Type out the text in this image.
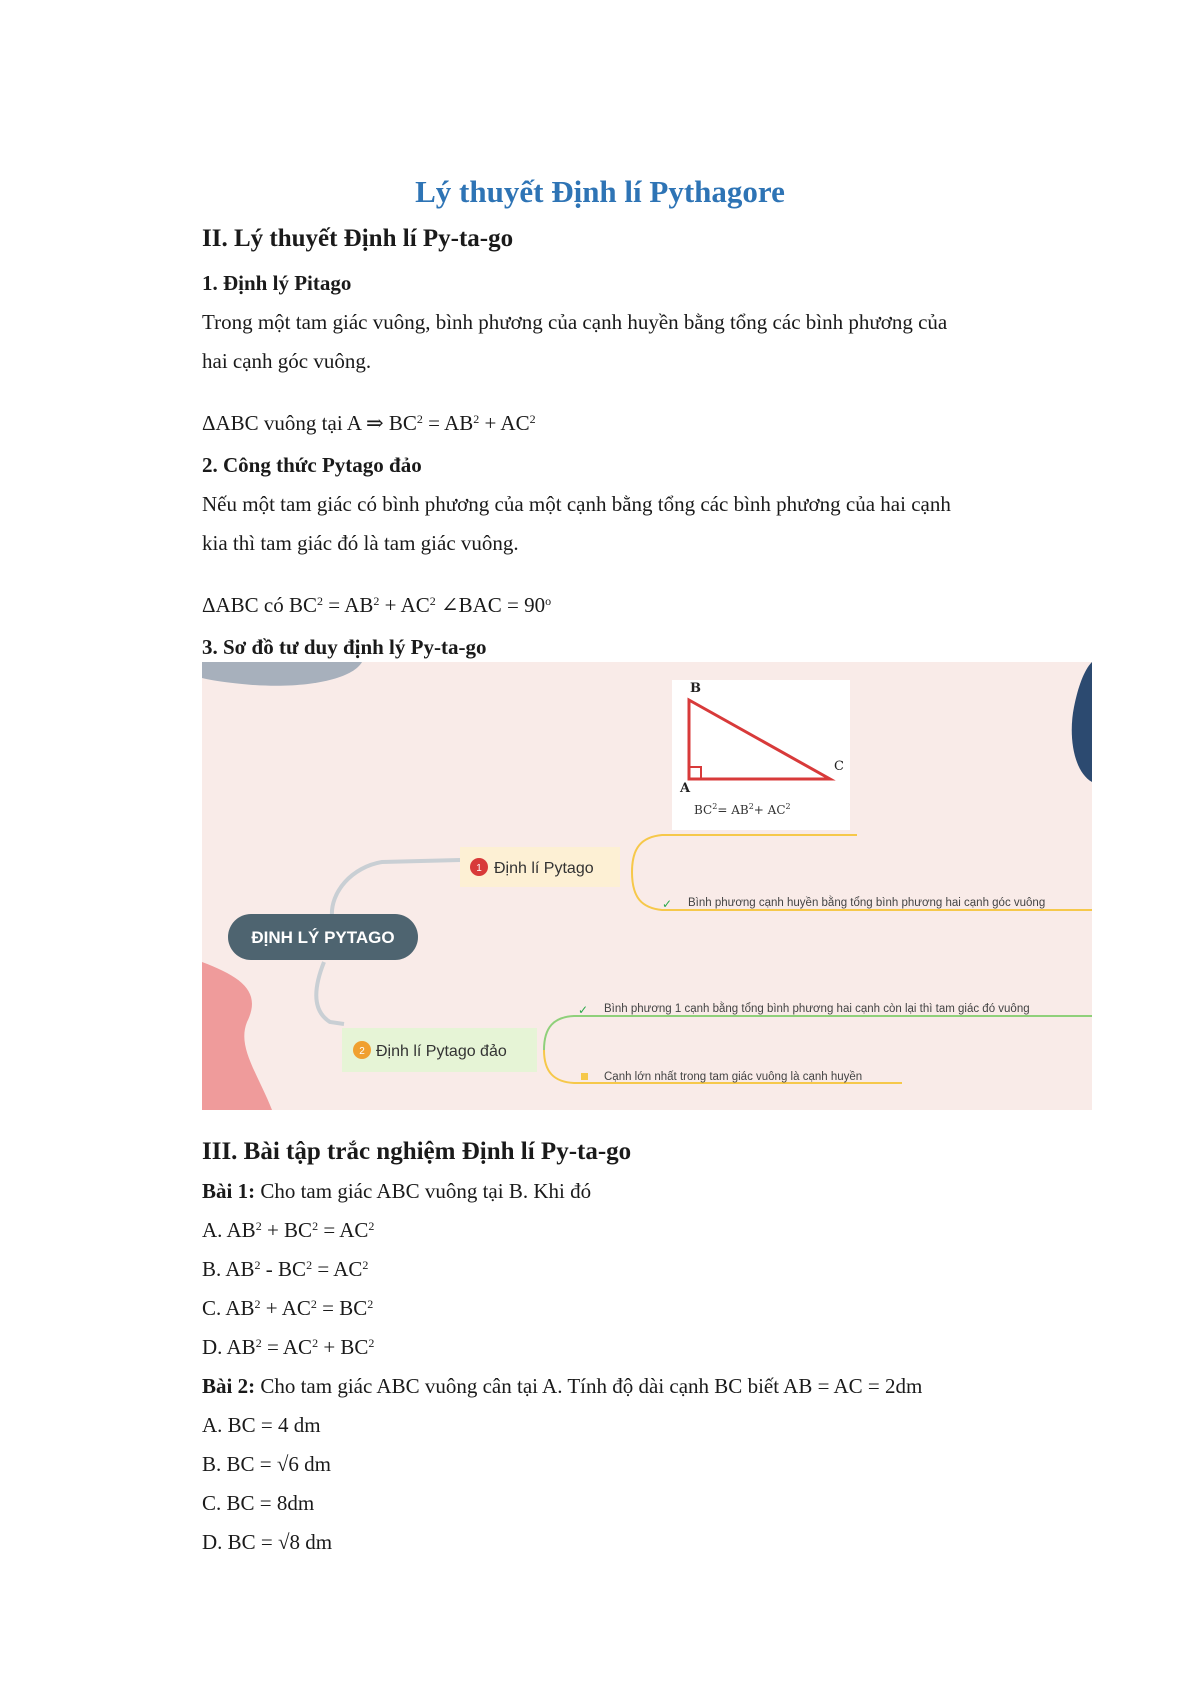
Lý thuyết Định lí Pythagore
II. Lý thuyết Định lí Py-ta-go
1. Định lý Pitago
Trong một tam giác vuông, bình phương của cạnh huyền bằng tổng các bình phương của
hai cạnh góc vuông.
ΔABC vuông tại A ⇒ $BC^2 = AB^2 + AC^2$
2. Công thức Pytago đảo
Nếu một tam giác có bình phương của một cạnh bằng tổng các bình phương của hai cạnh
kia thì tam giác đó là tam giác vuông.
ΔABC có $BC^2 = AB^2 + AC^2$ ∠BAC = $90^o$
3. Sơ đồ tư duy định lý Py-ta-go
B
A
C
$BC^2= AB^2+ AC^2$
ĐỊNH LÝ PYTAGO
1 Định lí Pytago
✓ Bình phương cạnh huyền bằng tổng bình phương hai cạnh góc vuông
2 Định lí Pytago đảo
✓ Bình phương 1 cạnh bằng tổng bình phương hai cạnh còn lại thì tam giác đó vuông
Cạnh lớn nhất trong tam giác vuông là cạnh huyền
III. Bài tập trắc nghiệm Định lí Py-ta-go
Bài 1: Cho tam giác ABC vuông tại B. Khi đó
A. $AB^2 + BC^2 = AC^2$
B. $AB^2 - BC^2 = AC^2$
C. $AB^2 + AC^2 = BC^2$
D. $AB^2 = AC^2 + BC^2$
Bài 2: Cho tam giác ABC vuông cân tại A. Tính độ dài cạnh BC biết AB = AC = 2dm
A. BC = 4 dm
B. BC = √6 dm
C. BC = 8dm
D. BC = √8 dm
